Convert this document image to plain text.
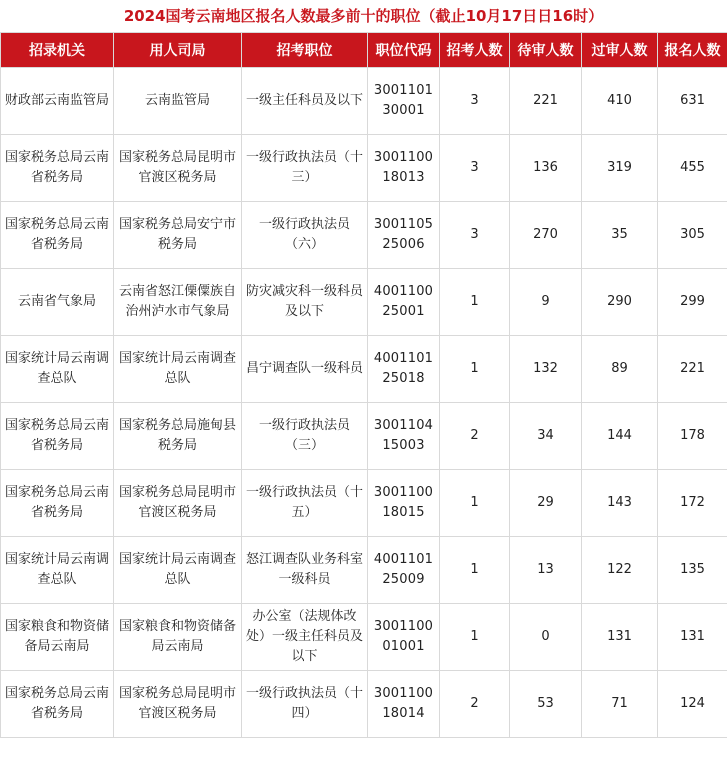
2024国考云南地区报名人数最多前十的职位（截止10月17日日16时）
招录机关	用人司局	招考职位	职位代码	招考人数	待审人数	过审人数	报名人数
财政部云南监管局	云南监管局	一级主任科员及以下	300110130001	3	221	410	631
国家税务总局云南省税务局	国家税务总局昆明市官渡区税务局	一级行政执法员（十三）	300110018013	3	136	319	455
国家税务总局云南省税务局	国家税务总局安宁市税务局	一级行政执法员（六）	300110525006	3	270	35	305
云南省气象局	云南省怒江傈僳族自治州泸水市气象局	防灾减灾科一级科员及以下	400110025001	1	9	290	299
国家统计局云南调查总队	国家统计局云南调查总队	昌宁调查队一级科员	400110125018	1	132	89	221
国家税务总局云南省税务局	国家税务总局施甸县税务局	一级行政执法员（三）	300110415003	2	34	144	178
国家税务总局云南省税务局	国家税务总局昆明市官渡区税务局	一级行政执法员（十五）	300110018015	1	29	143	172
国家统计局云南调查总队	国家统计局云南调查总队	怒江调查队业务科室一级科员	400110125009	1	13	122	135
国家粮食和物资储备局云南局	国家粮食和物资储备局云南局	办公室（法规体改处）一级主任科员及以下	300110001001	1	0	131	131
国家税务总局云南省税务局	国家税务总局昆明市官渡区税务局	一级行政执法员（十四）	300110018014	2	53	71	124
